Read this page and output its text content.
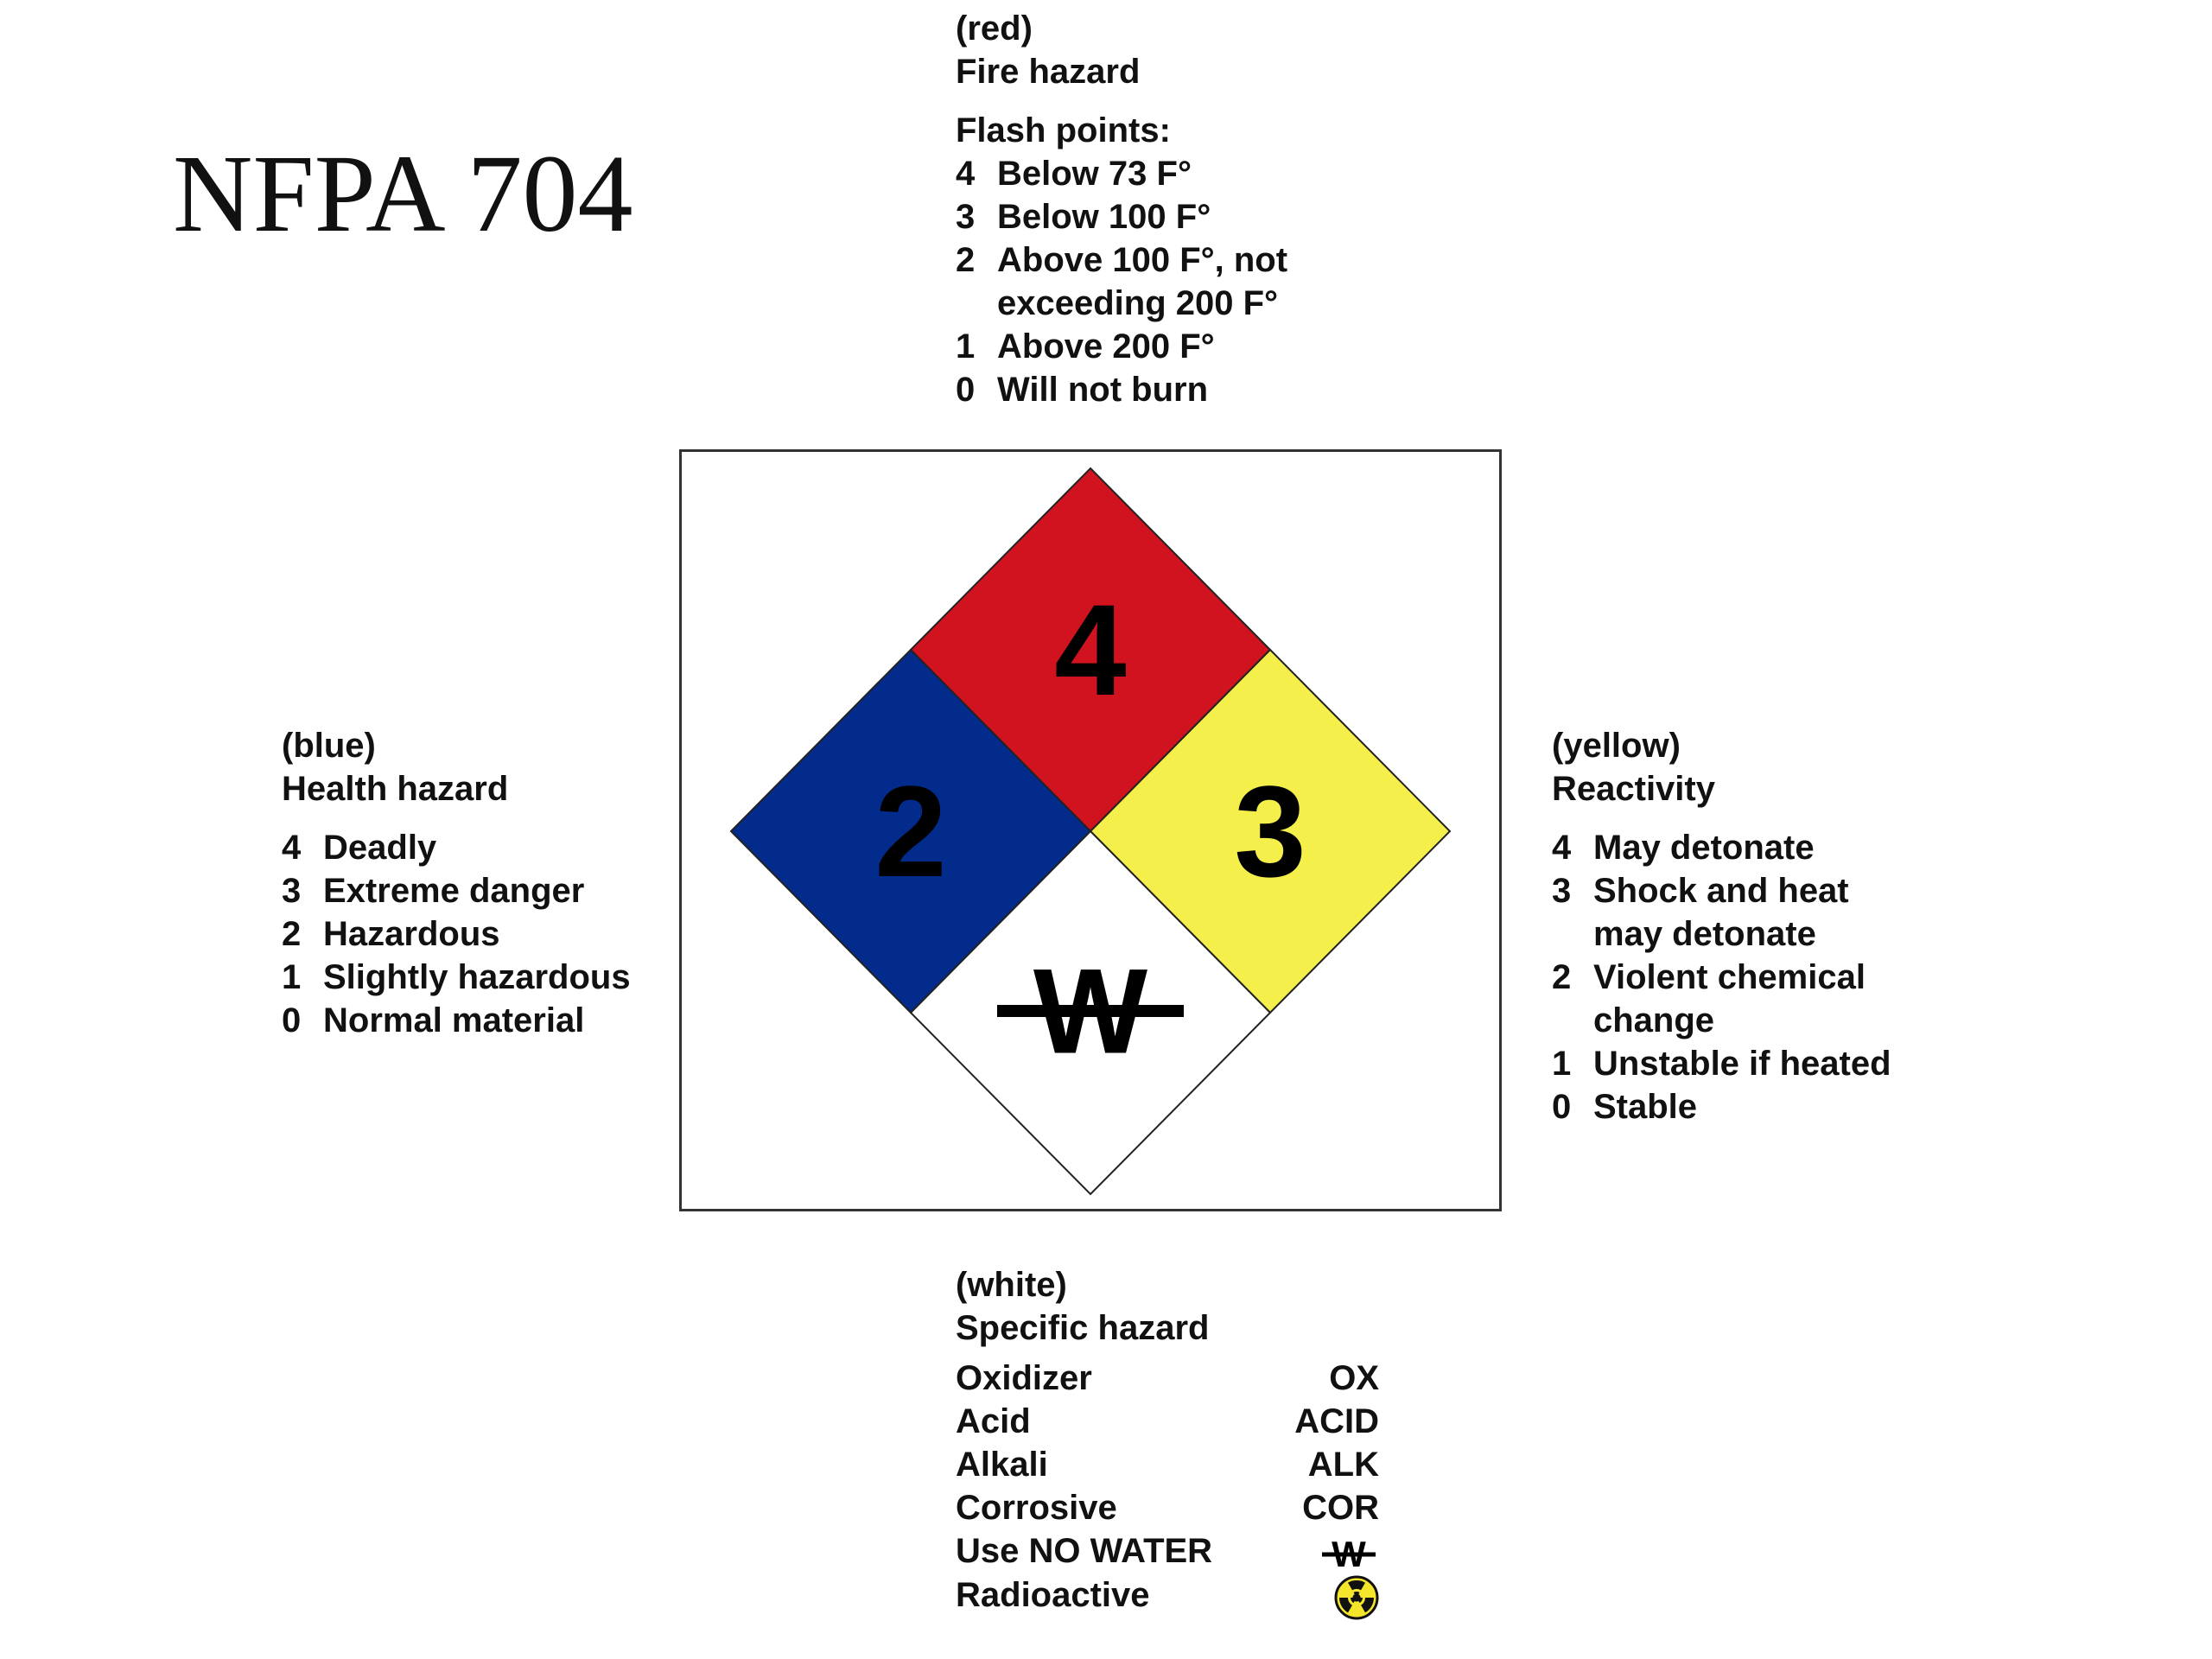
NFPA 704
(red)
Fire hazard
Flash points:
4 Below 73 F°
3 Below 100 F°
2 Above 100 F°, not exceeding 200 F°
1 Above 200 F°
0 Will not burn
(blue)
Health hazard
4 Deadly
3 Extreme danger
2 Hazardous
1 Slightly hazardous
0 Normal material
(yellow)
Reactivity
4 May detonate
3 Shock and heat may detonate
2 Violent chemical change
1 Unstable if heated
0 Stable
4
2 3
W
(white)
Specific hazard
Oxidizer	OX
Acid	ACID
Alkali	ALK
Corrosive	COR
Use NO WATER	W
Radioactive
